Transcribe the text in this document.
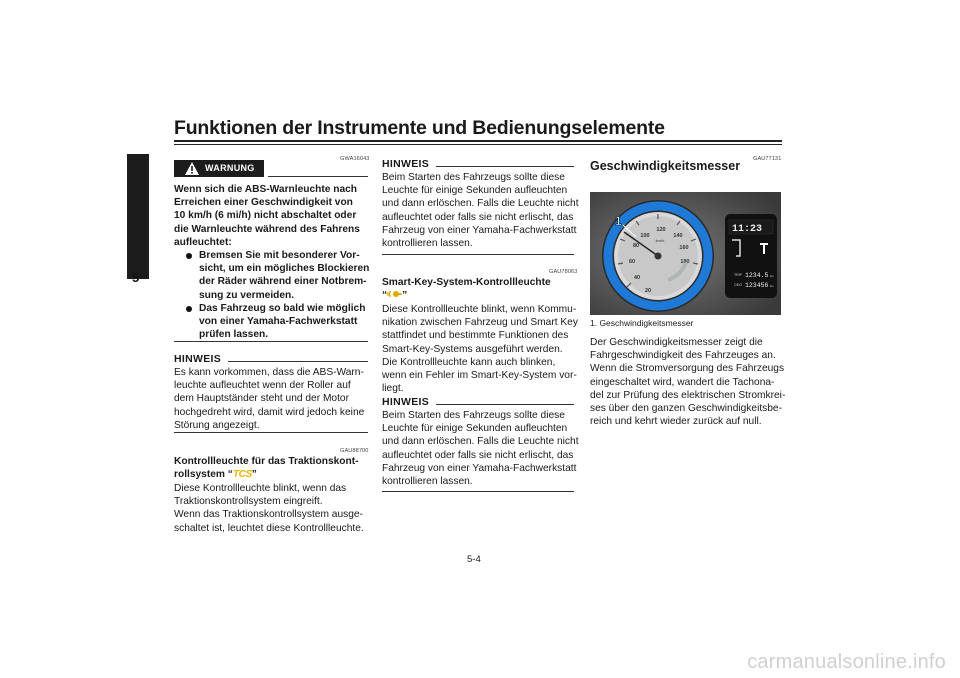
Funktionen der Instrumente und Bedienungselemente
5
GWA16043
WARNUNG

Wenn sich die ABS-Warnleuchte nach

Erreichen einer Geschwindigkeit von

10 km/h (6 mi/h) nicht abschaltet oder

die Warnleuchte während des Fahrens

aufleuchtet:

Bremsen Sie mit besonderer Vor-

sicht, um ein mögliches Blockieren

der Räder während einer Notbrem-

sung zu vermeiden.

Das Fahrzeug so bald wie möglich

von einer Yamaha-Fachwerkstatt

prüfen lassen.

HINWEIS

Es kann vorkommen, dass die ABS-Warn-

leuchte aufleuchtet wenn der Roller auf

dem Hauptständer steht und der Motor

hochgedreht wird, damit wird jedoch keine

Störung angezeigt.

GAU88700

Kontrollleuchte für das Traktionskont-

rollsystem “TCS”

Diese Kontrollleuchte blinkt, wenn das

Traktionskontrollsystem eingreift.

Wenn das Traktionskontrollsystem ausge-

schaltet ist, leuchtet diese Kontrollleuchte.

HINWEIS

Beim Starten des Fahrzeugs sollte diese

Leuchte für einige Sekunden aufleuchten

und dann erlöschen. Falls die Leuchte nicht

aufleuchtet oder falls sie nicht erlischt, das

Fahrzeug von einer Yamaha-Fachwerkstatt

kontrollieren lassen.

GAU78063

Smart-Key-System-Kontrollleuchte

“ ”

Diese Kontrollleuchte blinkt, wenn Kommu-

nikation zwischen Fahrzeug und Smart Key

stattfindet und bestimmte Funktionen des

Smart-Key-Systems ausgeführt werden.

Die Kontrollleuchte kann auch blinken,

wenn ein Fehler im Smart-Key-System vor-

liegt.

HINWEIS

Beim Starten des Fahrzeugs sollte diese

Leuchte für einige Sekunden aufleuchten

und dann erlöschen. Falls die Leuchte nicht

aufleuchtet oder falls sie nicht erlischt, das

Fahrzeug von einer Yamaha-Fachwerkstatt

kontrollieren lassen.

GAU77131
Geschwindigkeitsmesser
20
40
60
80
100
120
140
160
180
km/h
1
11:23
TRIP 1234.5 km
ODO 123456 km
1. Geschwindigkeitsmesser

Der Geschwindigkeitsmesser zeigt die

Fahrgeschwindigkeit des Fahrzeuges an.

Wenn die Stromversorgung des Fahrzeugs

eingeschaltet wird, wandert die Tachona-

del zur Prüfung des elektrischen Stromkrei-

ses über den ganzen Geschwindigkeitsbe-

reich und kehrt wieder zurück auf null.

5-4
carmanualsonline.info
